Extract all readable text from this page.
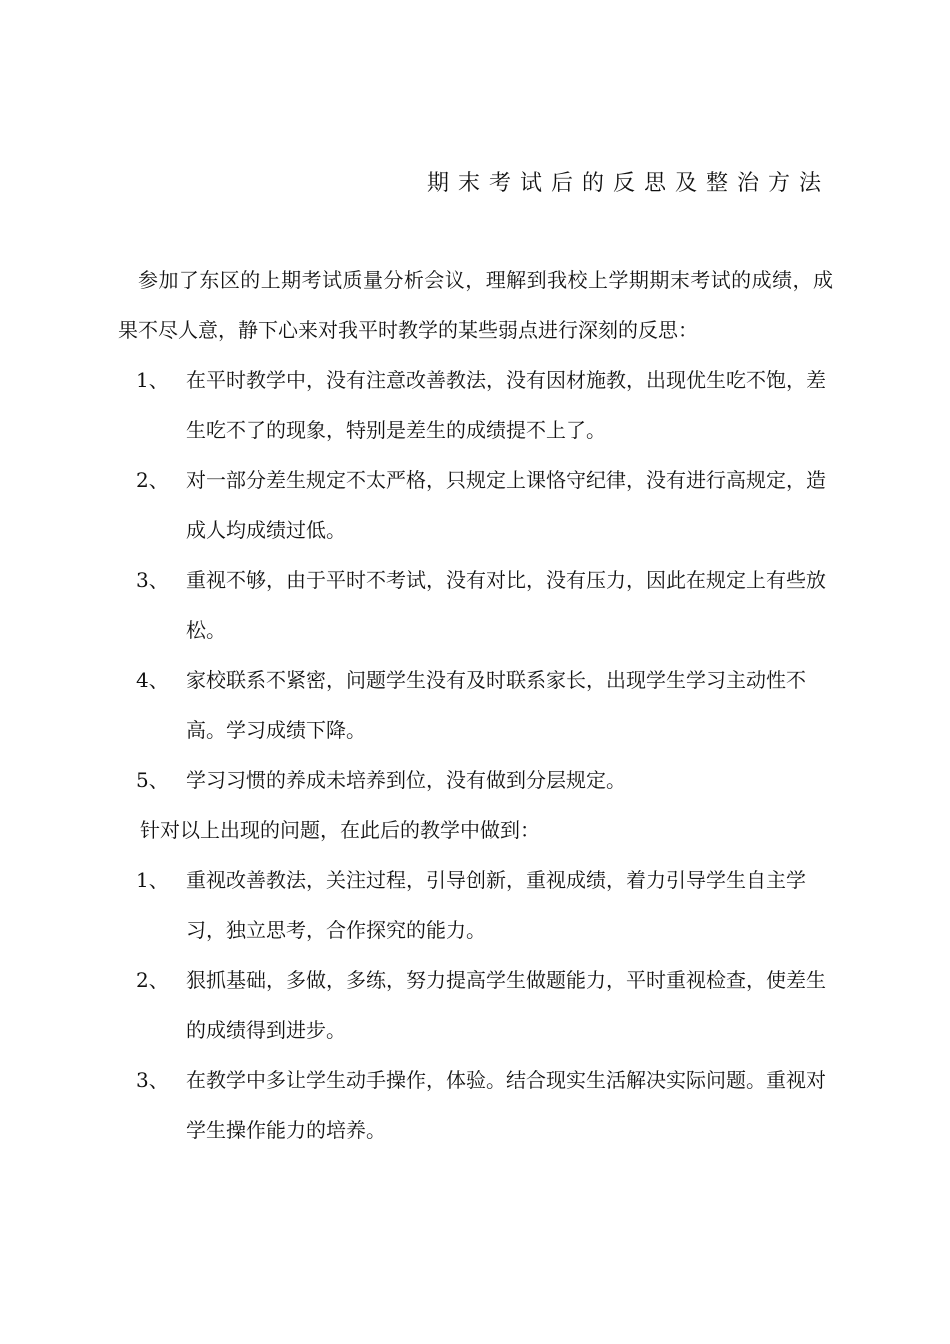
期末考试后的反思及整治方法
参加了东区的上期考试质量分析会议，理解到我校上学期期末考试的成绩，成果不尽人意，静下心来对我平时教学的某些弱点进行深刻的反思：
1、 在平时教学中，没有注意改善教法，没有因材施教，出现优生吃不饱，差生吃不了的现象，特别是差生的成绩提不上了。
2、 对一部分差生规定不太严格，只规定上课恪守纪律，没有进行高规定，造成人均成绩过低。
3、 重视不够，由于平时不考试，没有对比，没有压力，因此在规定上有些放松。
4、 家校联系不紧密，问题学生没有及时联系家长，出现学生学习主动性不高。学习成绩下降。
5、 学习习惯的养成未培养到位，没有做到分层规定。
针对以上出现的问题，在此后的教学中做到：
1、 重视改善教法，关注过程，引导创新，重视成绩，着力引导学生自主学习，独立思考，合作探究的能力。
2、 狠抓基础，多做，多练，努力提高学生做题能力，平时重视检查，使差生的成绩得到进步。
3、 在教学中多让学生动手操作，体验。结合现实生活解决实际问题。重视对学生操作能力的培养。
